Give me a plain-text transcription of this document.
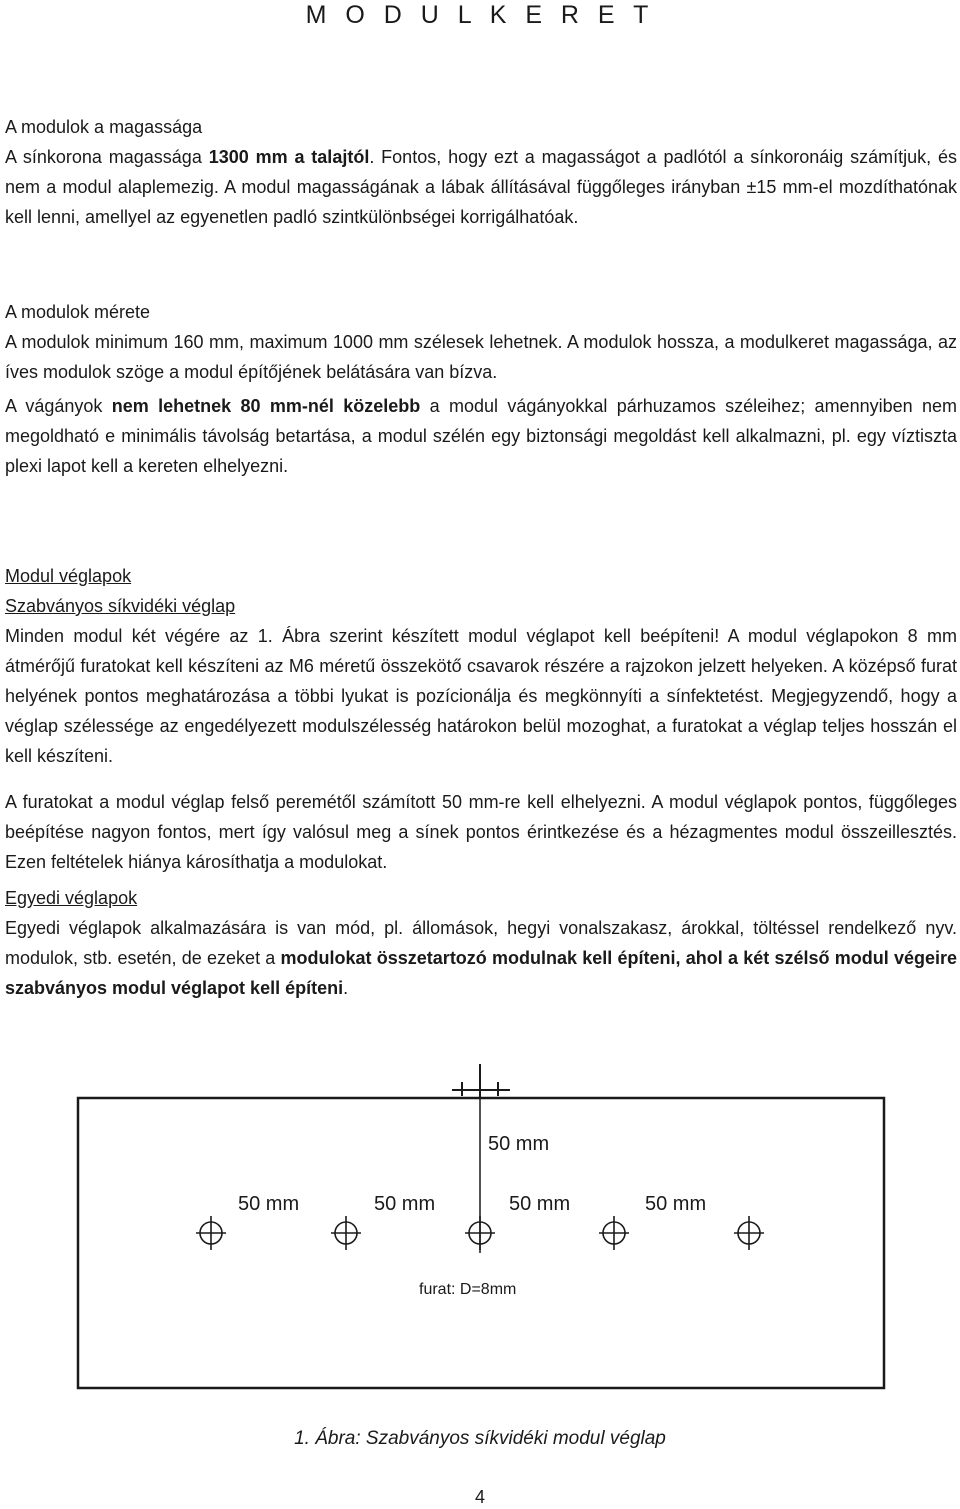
M O D U L K E R E T
A modulok a magassága

A sínkorona magassága 1300 mm a talajtól. Fontos, hogy ezt a magasságot a padlótól a sínkoronáig számítjuk, és nem a modul alaplemezig. A modul magasságának a lábak állításával függőleges irányban ±15 mm-el mozdíthatónak kell lenni, amellyel az egyenetlen padló szintkülönbségei korrigálhatóak.

A modulok mérete

A modulok minimum 160 mm, maximum 1000 mm szélesek lehetnek. A modulok hossza, a modulkeret magassága, az íves modulok szöge a modul építőjének belátására van bízva.

A vágányok nem lehetnek 80 mm-nél közelebb a modul vágányokkal párhuzamos széleihez; amennyiben nem megoldható e minimális távolság betartása, a modul szélén egy biztonsági megoldást kell alkalmazni, pl. egy víztiszta plexi lapot kell a kereten elhelyezni.

Modul véglapok
Szabványos síkvidéki véglap

Minden modul két végére az 1. Ábra szerint készített modul véglapot kell beépíteni! A modul véglapokon 8 mm átmérőjű furatokat kell készíteni az M6 méretű összekötő csavarok részére a rajzokon jelzett helyeken. A középső furat helyének pontos meghatározása a többi lyukat is pozícionálja és megkönnyíti a sínfektetést. Megjegyzendő, hogy a véglap szélessége az engedélyezett modulszélesség határokon belül mozoghat, a furatokat a véglap teljes hosszán el kell készíteni.

A furatokat a modul véglap felső peremétől számított 50 mm-re kell elhelyezni. A modul véglapok pontos, függőleges beépítése nagyon fontos, mert így valósul meg a sínek pontos érintkezése és a hézagmentes modul összeillesztés. Ezen feltételek hiánya károsíthatja a modulokat.

Egyedi véglapok

Egyedi véglapok alkalmazására is van mód, pl. állomások, hegyi vonalszakasz, árokkal, töltéssel rendelkező nyv. modulok, stb. esetén, de ezeket a modulokat összetartozó modulnak kell építeni, ahol a két szélső modul végeire szabványos modul véglapot kell építeni.

50 mm
50 mm	50 mm	50 mm	50 mm
furat: D=8mm
1. Ábra: Szabványos síkvidéki modul véglap
4
